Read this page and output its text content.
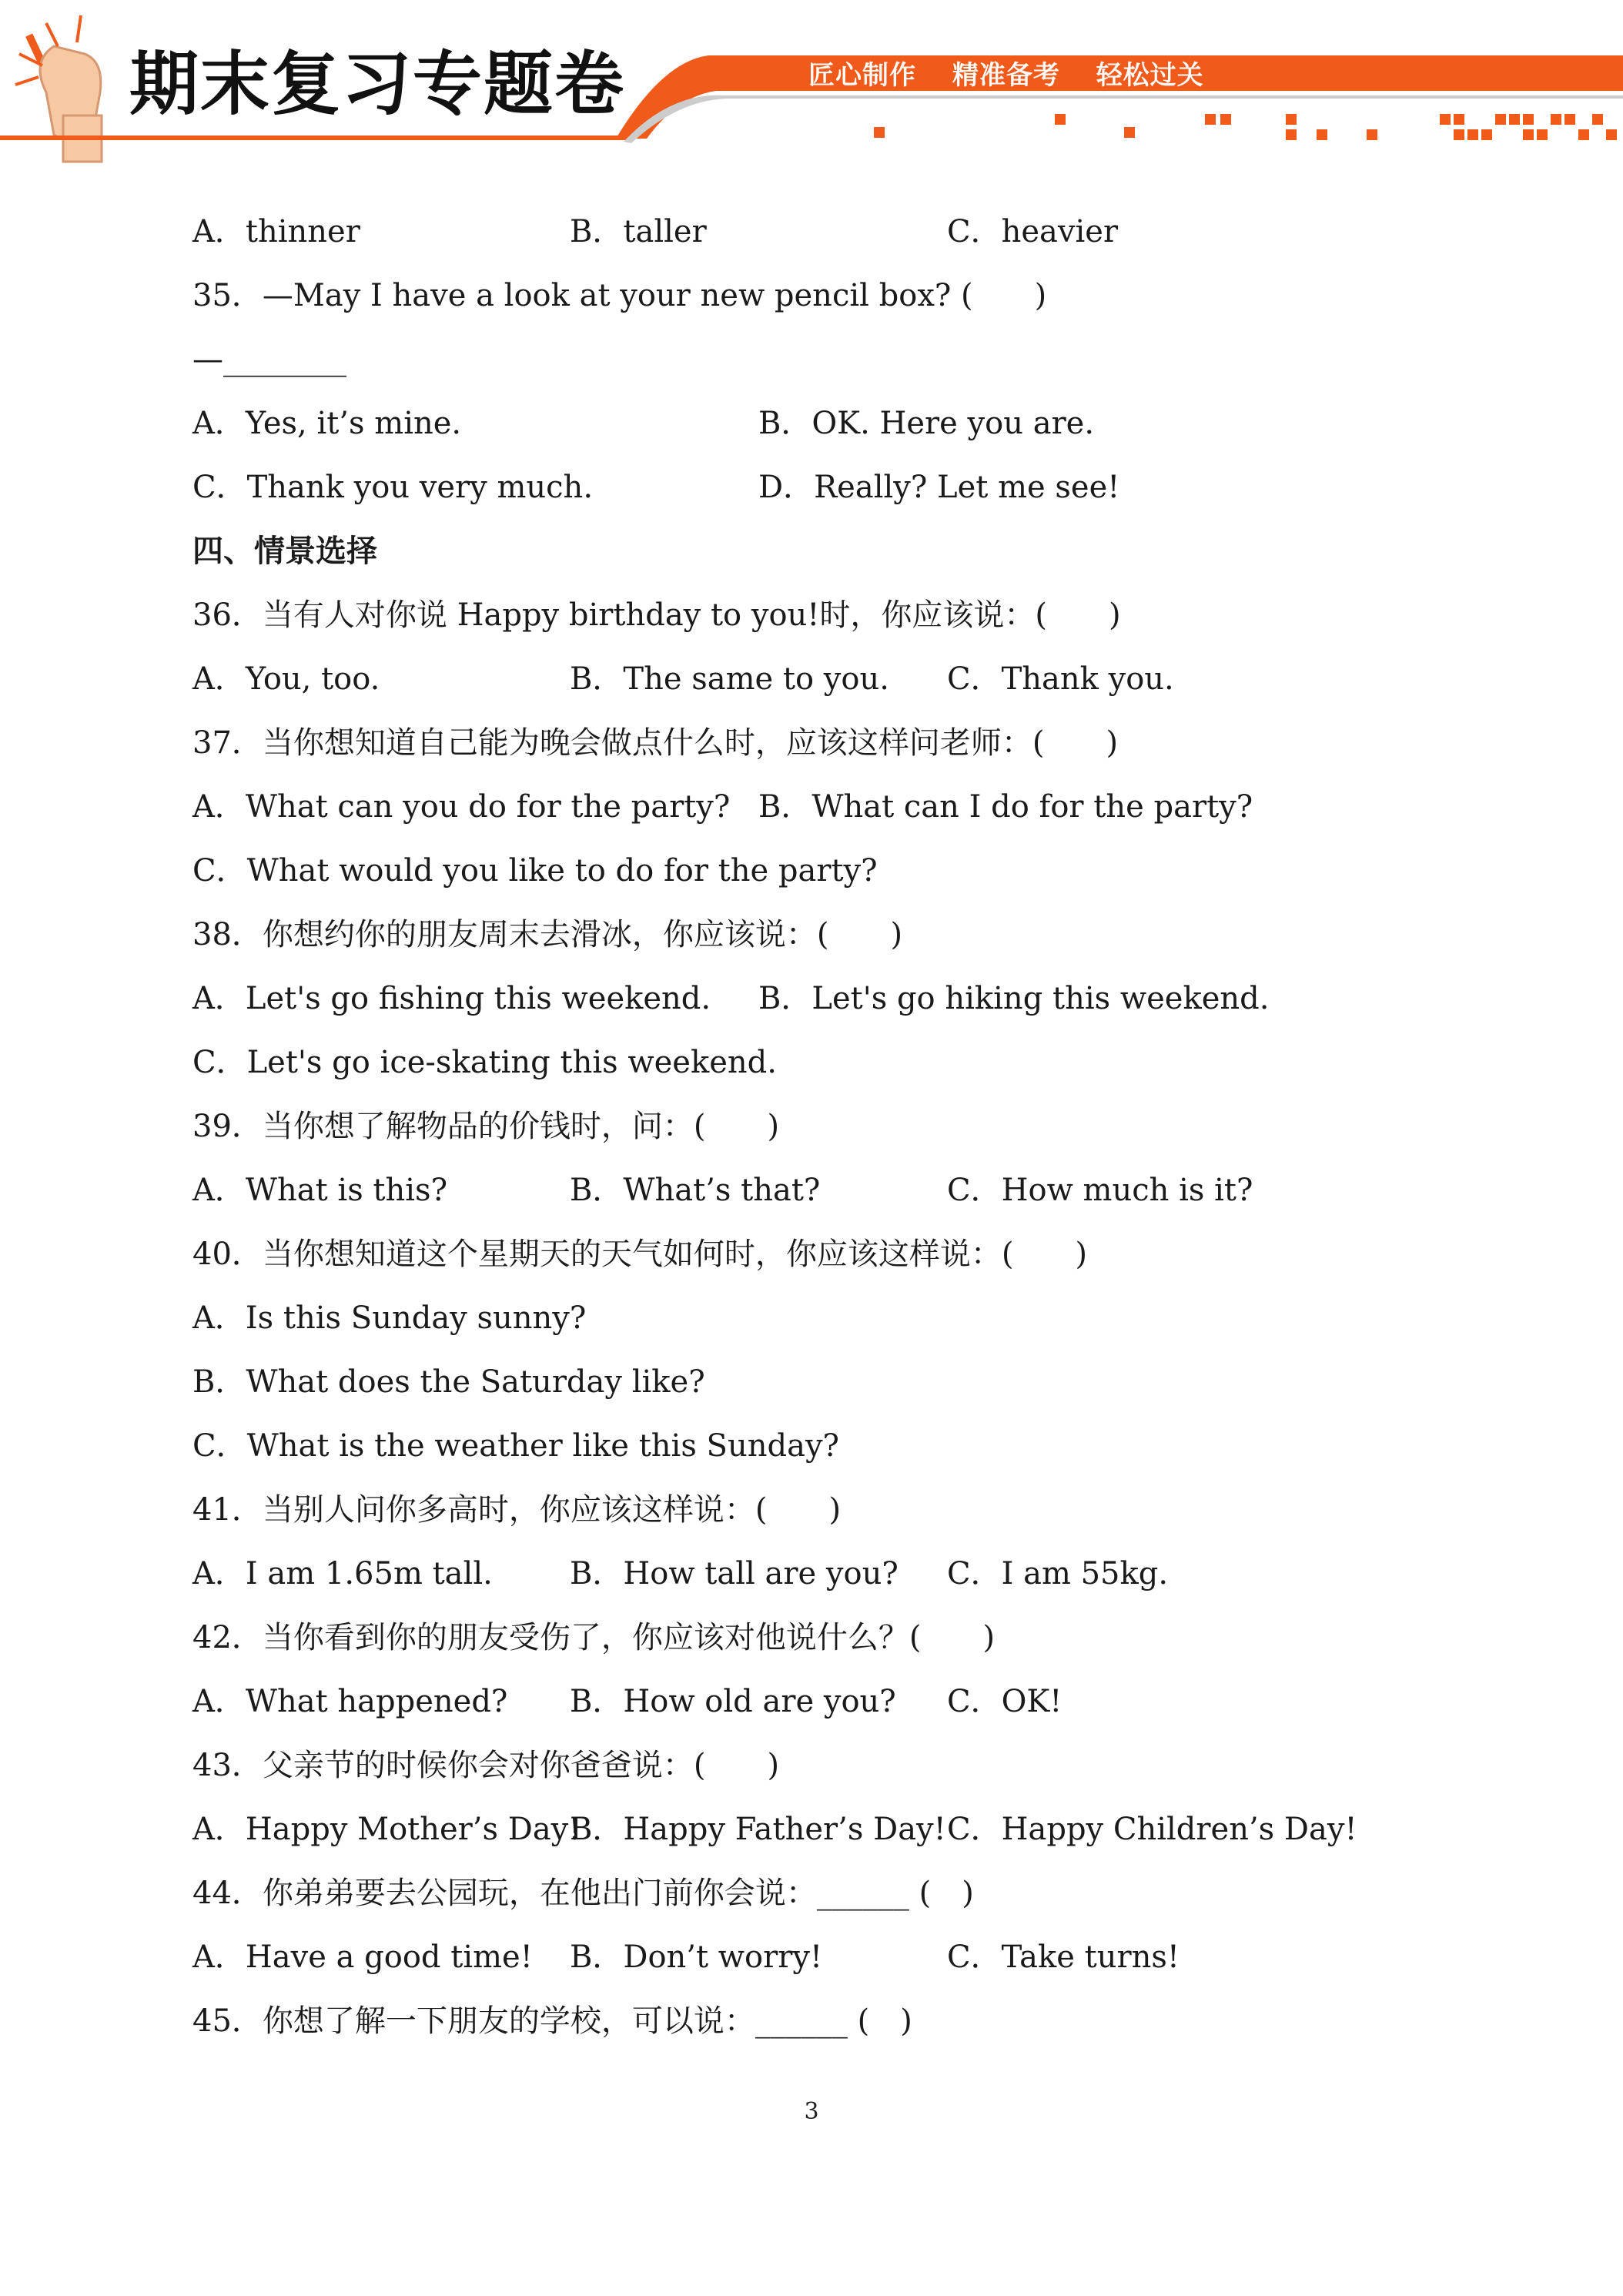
期末复习专题卷	匠心制作 精准备考 轻松过关
A．thinner	B．taller	C．heavier
35．—May I have a look at your new pencil box? (　　)
—________
A．Yes, it’s mine.	B．OK. Here you are.
C．Thank you very much.	D．Really? Let me see!
四、情景选择
36．当有人对你说 Happy birthday to you!时，你应该说：(　　)
A．You, too.	B．The same to you. C．Thank you.
37．当你想知道自己能为晚会做点什么时，应该这样问老师：(　　)
A．What can you do for the party? B．What can I do for the party?
C．What would you like to do for the party?
38．你想约你的朋友周末去滑冰，你应该说：(　　)
A．Let's go fishing this weekend. B．Let's go hiking this weekend.
C．Let's go ice-skating this weekend.
39．当你想了解物品的价钱时，问：(　　)
A．What is this?	B．What’s that?	C．How much is it?
40．当你想知道这个星期天的天气如何时，你应该这样说：(　　)
A．Is this Sunday sunny?
B．What does the Saturday like?
C．What is the weather like this Sunday?
41．当别人问你多高时，你应该这样说：(　　)
A．I am 1.65m tall.	B．How tall are you? C．I am 55kg.
42．当你看到你的朋友受伤了，你应该对他说什么？(　　)
A．What happened? B．How old are you? C．OK!
43．父亲节的时候你会对你爸爸说：(　　)
A．Happy Mother’s Day!
B．Happy Father’s Day! C．Happy Children’s Day!
44．你弟弟要去公园玩，在他出门前你会说：______ (　)
A．Have a good time! B．Don’t worry!	C．Take turns!
45．你想了解一下朋友的学校，可以说：______ (　)
3
